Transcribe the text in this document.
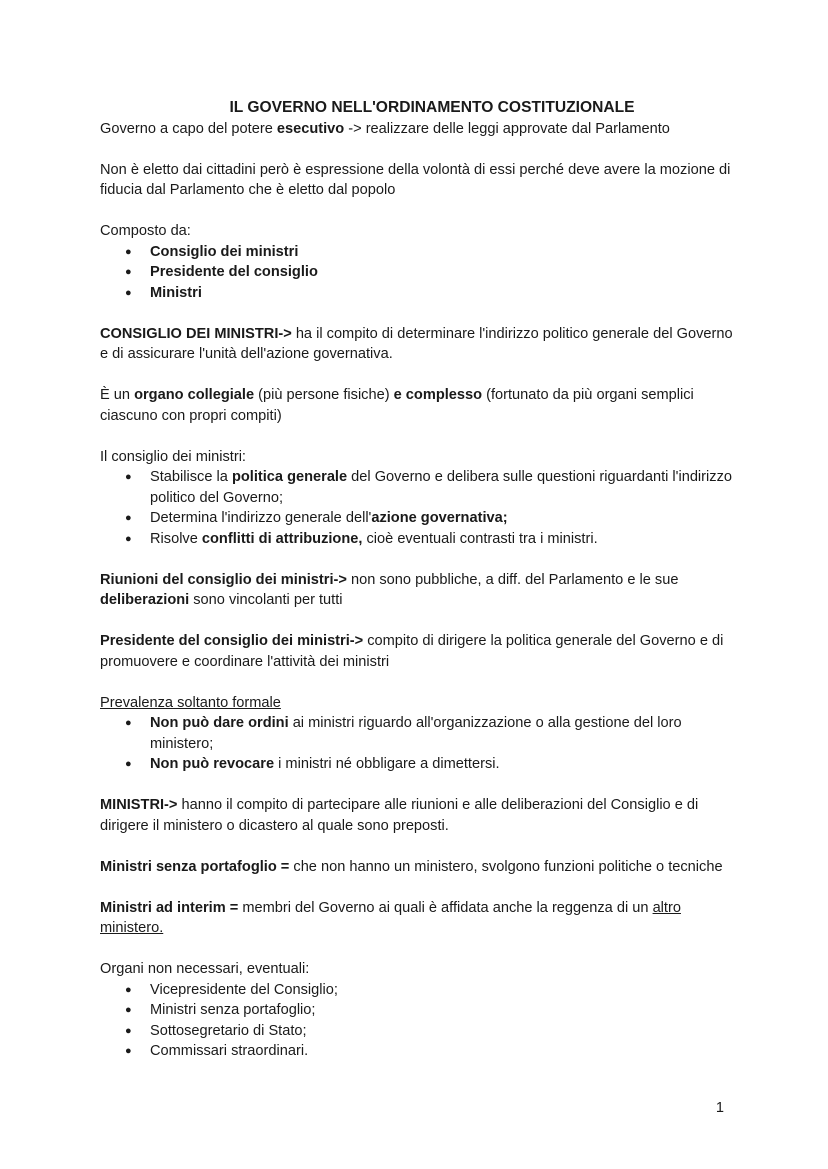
IL GOVERNO NELL'ORDINAMENTO COSTITUZIONALE

Governo a capo del potere esecutivo -> realizzare delle leggi approvate dal Parlamento

Non è eletto dai cittadini però è espressione della volontà di essi perché deve avere la mozione di fiducia dal Parlamento che è eletto dal popolo

Composto da:

● Consiglio dei ministri
● Presidente del consiglio
● Ministri

CONSIGLIO DEI MINISTRI-> ha il compito di determinare l'indirizzo politico generale del Governo e di assicurare l'unità dell'azione governativa.

È un organo collegiale (più persone fisiche) e complesso (fortunato da più organi semplici ciascuno con propri compiti)

Il consiglio dei ministri:

● Stabilisce la politica generale del Governo e delibera sulle questioni riguardanti l'indirizzo politico del Governo;
● Determina l'indirizzo generale dell'azione governativa;
● Risolve conflitti di attribuzione, cioè eventuali contrasti tra i ministri.

Riunioni del consiglio dei ministri-> non sono pubbliche, a diff. del Parlamento e le sue deliberazioni sono vincolanti per tutti

Presidente del consiglio dei ministri-> compito di dirigere la politica generale del Governo e di promuovere e coordinare l'attività dei ministri

Prevalenza soltanto formale

● Non può dare ordini ai ministri riguardo all'organizzazione o alla gestione del loro ministero;
● Non può revocare i ministri né obbligare a dimettersi.

MINISTRI-> hanno il compito di partecipare alle riunioni e alle deliberazioni del Consiglio e di dirigere il ministero o dicastero al quale sono preposti.

Ministri senza portafoglio = che non hanno un ministero, svolgono funzioni politiche o tecniche

Ministri ad interim = membri del Governo ai quali è affidata anche la reggenza di un altro ministero.

Organi non necessari, eventuali:

● Vicepresidente del Consiglio;
● Ministri senza portafoglio;
● Sottosegretario di Stato;
● Commissari straordinari.
1
